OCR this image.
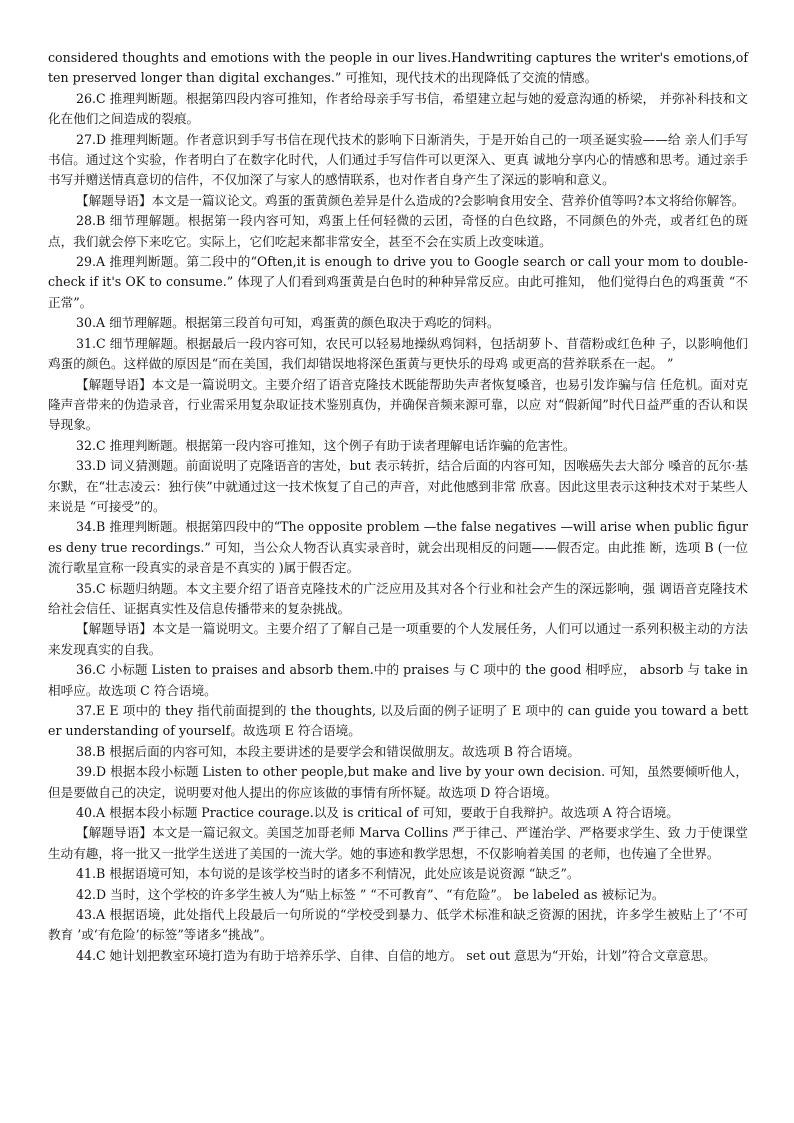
considered thoughts and emotions with the people in our lives.Handwriting captures the writer's emotions,often preserved longer than digital exchanges.” 可推知，现代技术的出现降低了交流的情感。

26.C 推理判断题。根据第四段内容可推知，作者给母亲手写书信，希望建立起与她的爱意沟通的桥梁， 并弥补科技和文化在他们之间造成的裂痕。

27.D 推理判断题。作者意识到手写书信在现代技术的影响下日渐消失，于是开始自己的一项圣诞实验——给 亲人们手写书信。通过这个实验，作者明白了在数字化时代，人们通过手写信件可以更深入、更真 诚地分享内心的情感和思考。通过亲手书写并赠送情真意切的信件，不仅加深了与家人的感情联系，也对作者自身产生了深远的影响和意义。

【解题导语】本文是一篇议论文。鸡蛋的蛋黄颜色差异是什么造成的?会影响食用安全、营养价值等吗?本文将给你解答。

28.B 细节理解题。根据第一段内容可知，鸡蛋上任何轻微的云团，奇怪的白色纹路，不同颜色的外壳，或者红色的斑点，我们就会停下来吃它。实际上，它们吃起来都非常安全，甚至不会在实质上改变味道。

29.A 推理判断题。第二段中的“Often,it is enough to drive you to Google search or call your mom to double-check if it's OK to consume.” 体现了人们看到鸡蛋黄是白色时的种种异常反应。由此可推知， 他们觉得白色的鸡蛋黄 “不正常”。

30.A 细节理解题。根据第三段首句可知，鸡蛋黄的颜色取决于鸡吃的饲料。

31.C 细节理解题。根据最后一段内容可知，农民可以轻易地操纵鸡饲料，包括胡萝卜、苜蓿粉或红色种 子，以影响他们鸡蛋的颜色。这样做的原因是“而在美国，我们却错误地将深色蛋黄与更快乐的母鸡 或更高的营养联系在一起。 ”

【解题导语】本文是一篇说明文。主要介绍了语音克隆技术既能帮助失声者恢复嗓音，也易引发诈骗与信 任危机。面对克隆声音带来的伪造录音，行业需采用复杂取证技术鉴别真伪，并确保音频来源可靠，以应 对“假新闻”时代日益严重的否认和误导现象。

32.C 推理判断题。根据第一段内容可推知，这个例子有助于读者理解电话诈骗的危害性。

33.D 词义猜测题。前面说明了克隆语音的害处，but 表示转折，结合后面的内容可知，因喉癌失去大部分 嗓音的瓦尔·基尔默，在“壮志凌云：独行侠”中就通过这一技术恢复了自己的声音，对此他感到非常 欣喜。因此这里表示这种技术对于某些人来说是 “可接受”的。

34.B 推理判断题。根据第四段中的“The opposite problem —the false negatives —will arise when public figures deny true recordings.” 可知，当公众人物否认真实录音时，就会出现相反的问题——假否定。由此推 断，选项 B (一位流行歌星宣称一段真实的录音是不真实的 )属于假否定。

35.C 标题归纳题。本文主要介绍了语音克隆技术的广泛应用及其对各个行业和社会产生的深远影响，强 调语音克隆技术给社会信任、证据真实性及信息传播带来的复杂挑战。

【解题导语】本文是一篇说明文。主要介绍了了解自己是一项重要的个人发展任务，人们可以通过一系列积极主动的方法来发现真实的自我。

36.C 小标题 Listen to praises and absorb them.中的 praises 与 C 项中的 the good 相呼应， absorb 与 take in 相呼应。故选项 C 符合语境。

37.E E 项中的 they 指代前面提到的 the thoughts, 以及后面的例子证明了 E 项中的 can guide you toward a better understanding of yourself。故选项 E 符合语境。

38.B 根据后面的内容可知，本段主要讲述的是要学会和错误做朋友。故选项 B 符合语境。

39.D 根据本段小标题 Listen to other people,but make and live by your own decision. 可知，虽然要倾听他人，但是要做自己的决定，说明要对他人提出的你应该做的事情有所怀疑。故选项 D 符合语境。

40.A 根据本段小标题 Practice courage.以及 is critical of 可知，要敢于自我辩护。故选项 A 符合语境。

【解题导语】本文是一篇记叙文。美国芝加哥老师 Marva Collins 严于律己、严谨治学、严格要求学生、致 力于使课堂生动有趣，将一批又一批学生送进了美国的一流大学。她的事迹和教学思想，不仅影响着美国 的老师，也传遍了全世界。

41.B 根据语境可知，本句说的是该学校当时的诸多不利情况，此处应该是说资源 “缺乏”。

42.D 当时，这个学校的许多学生被人为“贴上标签 ” “不可教育”、“有危险”。 be labeled as 被标记为。

43.A 根据语境，此处指代上段最后一句所说的“学校受到暴力、低学术标准和缺乏资源的困扰，许多学生被贴上了‘不可教育 ’或‘有危险’的标签”等诸多“挑战”。

44.C 她计划把教室环境打造为有助于培养乐学、自律、自信的地方。 set out 意思为“开始，计划”符合文章意思。
